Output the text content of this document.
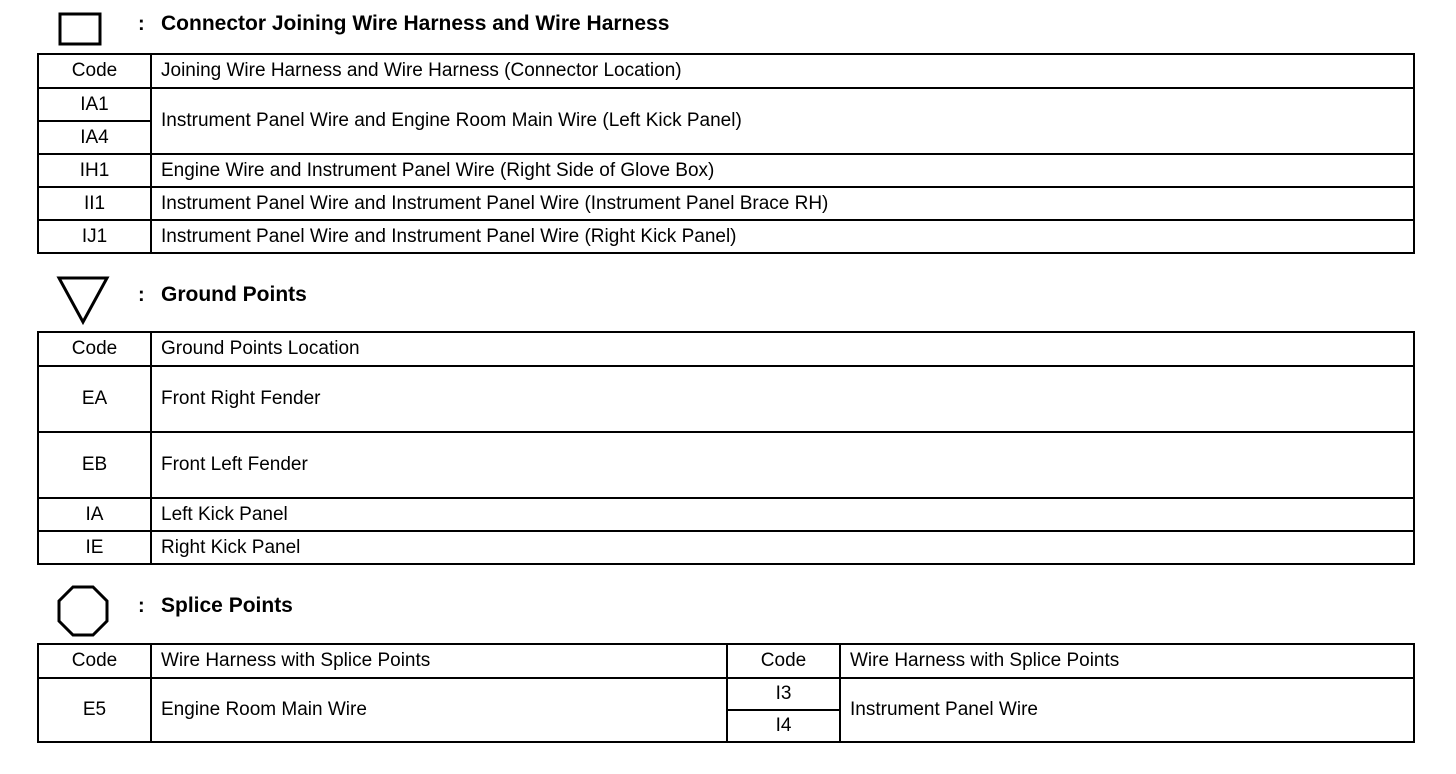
: Connector Joining Wire Harness and Wire Harness
Code	Joining Wire Harness and Wire Harness (Connector Location)
IA1	Instrument Panel Wire and Engine Room Main Wire (Left Kick Panel)
IA4	
IH1	Engine Wire and Instrument Panel Wire (Right Side of Glove Box)
II1	Instrument Panel Wire and Instrument Panel Wire (Instrument Panel Brace RH)
IJ1	Instrument Panel Wire and Instrument Panel Wire (Right Kick Panel)
: Ground Points
Code	Ground Points Location
EA	Front Right Fender
EB	Front Left Fender
IA	Left Kick Panel
IE	Right Kick Panel
: Splice Points
Code	Wire Harness with Splice Points	Code	Wire Harness with Splice Points
E5	Engine Room Main Wire	I3	Instrument Panel Wire
		I4	
